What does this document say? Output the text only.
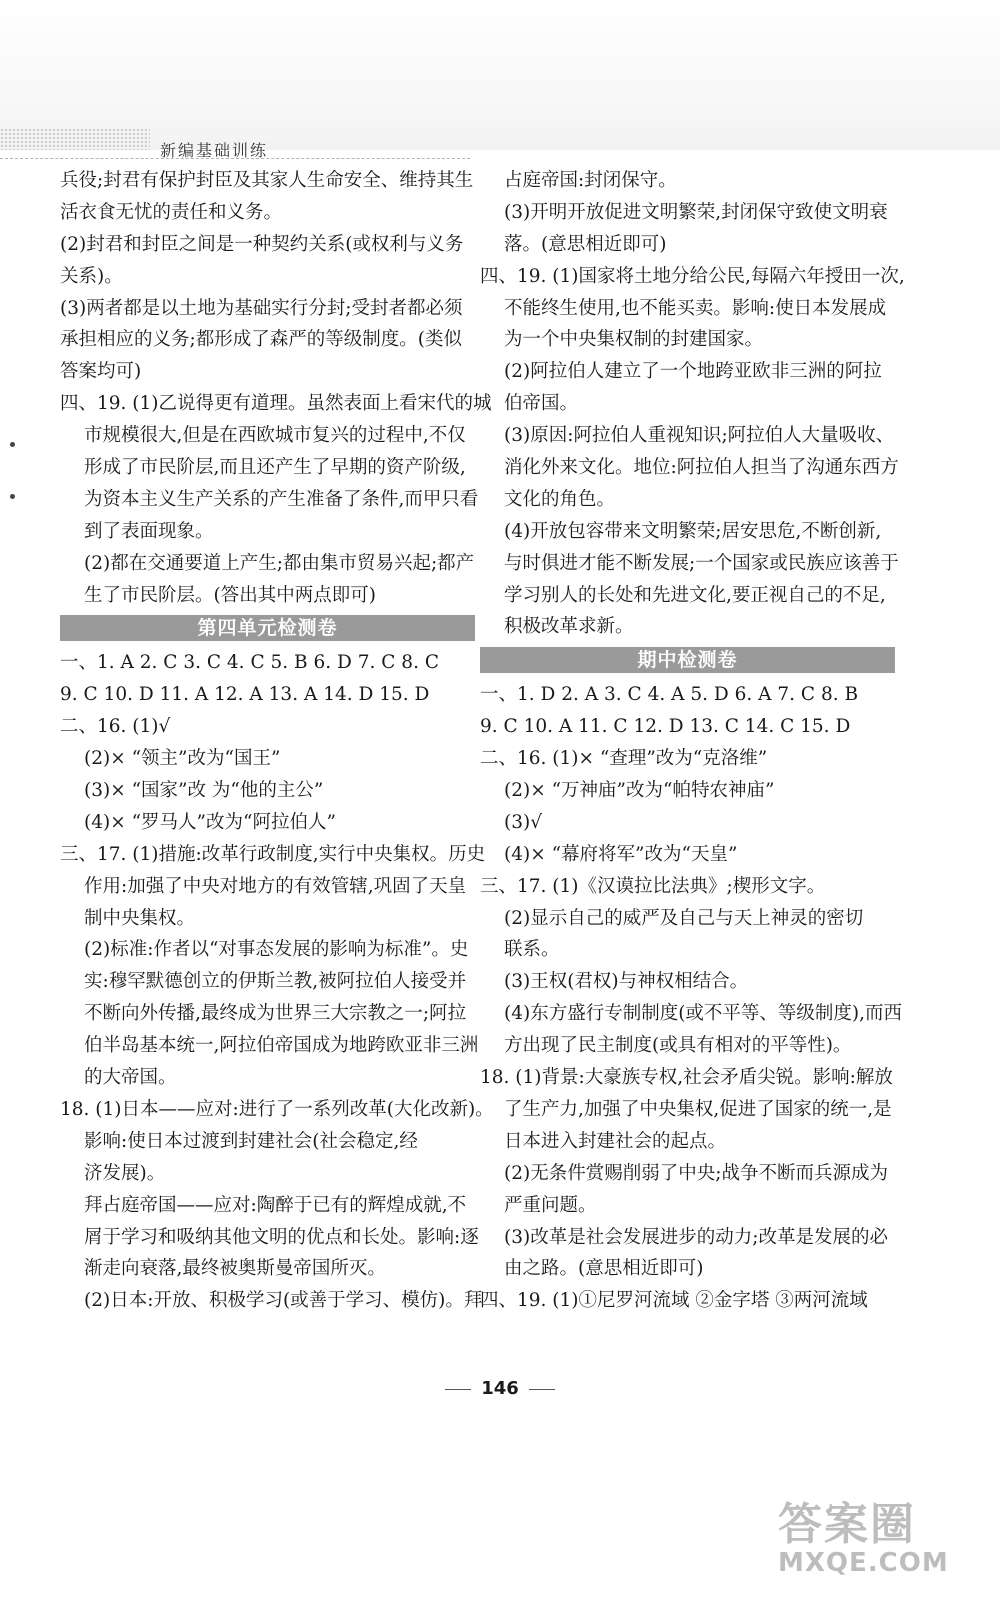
新编基础训练
兵役;封君有保护封臣及其家人生命安全、维持其生
活衣食无忧的责任和义务。
(2)封君和封臣之间是一种契约关系(或权利与义务
关系)。
(3)两者都是以土地为基础实行分封;受封者都必须
承担相应的义务;都形成了森严的等级制度。(类似
答案均可)
四、19. (1)乙说得更有道理。虽然表面上看宋代的城
市规模很大,但是在西欧城市复兴的过程中,不仅
形成了市民阶层,而且还产生了早期的资产阶级,
为资本主义生产关系的产生准备了条件,而甲只看
到了表面现象。
(2)都在交通要道上产生;都由集市贸易兴起;都产
生了市民阶层。(答出其中两点即可)
第四单元检测卷
一、1. A 2. C 3. C 4. C 5. B 6. D 7. C 8. C
9. C 10. D 11. A 12. A 13. A 14. D 15. D
二、16. (1)√
(2)× “领主”改为“国王”
(3)× “国家”改 为“他的主公”
(4)× “罗马人”改为“阿拉伯人”
三、17. (1)措施:改革行政制度,实行中央集权。历史
作用:加强了中央对地方的有效管辖,巩固了天皇
制中央集权。
(2)标准:作者以“对事态发展的影响为标准”。史
实:穆罕默德创立的伊斯兰教,被阿拉伯人接受并
不断向外传播,最终成为世界三大宗教之一;阿拉
伯半岛基本统一,阿拉伯帝国成为地跨欧亚非三洲
的大帝国。
18. (1)日本——应对:进行了一系列改革(大化改新)。
影响:使日本过渡到封建社会(社会稳定,经
济发展)。
拜占庭帝国——应对:陶醉于已有的辉煌成就,不
屑于学习和吸纳其他文明的优点和长处。影响:逐
渐走向衰落,最终被奥斯曼帝国所灭。
(2)日本:开放、积极学习(或善于学习、模仿)。拜
占庭帝国:封闭保守。
(3)开明开放促进文明繁荣,封闭保守致使文明衰
落。(意思相近即可)
四、19. (1)国家将土地分给公民,每隔六年授田一次,
不能终生使用,也不能买卖。影响:使日本发展成
为一个中央集权制的封建国家。
(2)阿拉伯人建立了一个地跨亚欧非三洲的阿拉
伯帝国。
(3)原因:阿拉伯人重视知识;阿拉伯人大量吸收、
消化外来文化。地位:阿拉伯人担当了沟通东西方
文化的角色。
(4)开放包容带来文明繁荣;居安思危,不断创新,
与时俱进才能不断发展;一个国家或民族应该善于
学习别人的长处和先进文化,要正视自己的不足,
积极改革求新。
期中检测卷
一、1. D 2. A 3. C 4. A 5. D 6. A 7. C 8. B
9. C 10. A 11. C 12. D 13. C 14. C 15. D
二、16. (1)× “查理”改为“克洛维”
(2)× “万神庙”改为“帕特农神庙”
(3)√
(4)× “幕府将军”改为“天皇”
三、17. (1)《汉谟拉比法典》;楔形文字。
(2)显示自己的威严及自己与天上神灵的密切
联系。
(3)王权(君权)与神权相结合。
(4)东方盛行专制制度(或不平等、等级制度),而西
方出现了民主制度(或具有相对的平等性)。
18. (1)背景:大豪族专权,社会矛盾尖锐。影响:解放
了生产力,加强了中央集权,促进了国家的统一,是
日本进入封建社会的起点。
(2)无条件赏赐削弱了中央;战争不断而兵源成为
严重问题。
(3)改革是社会发展进步的动力;改革是发展的必
由之路。(意思相近即可)
四、19. (1)①尼罗河流域 ②金字塔 ③两河流域
146
答案圈
MXQE.COM
